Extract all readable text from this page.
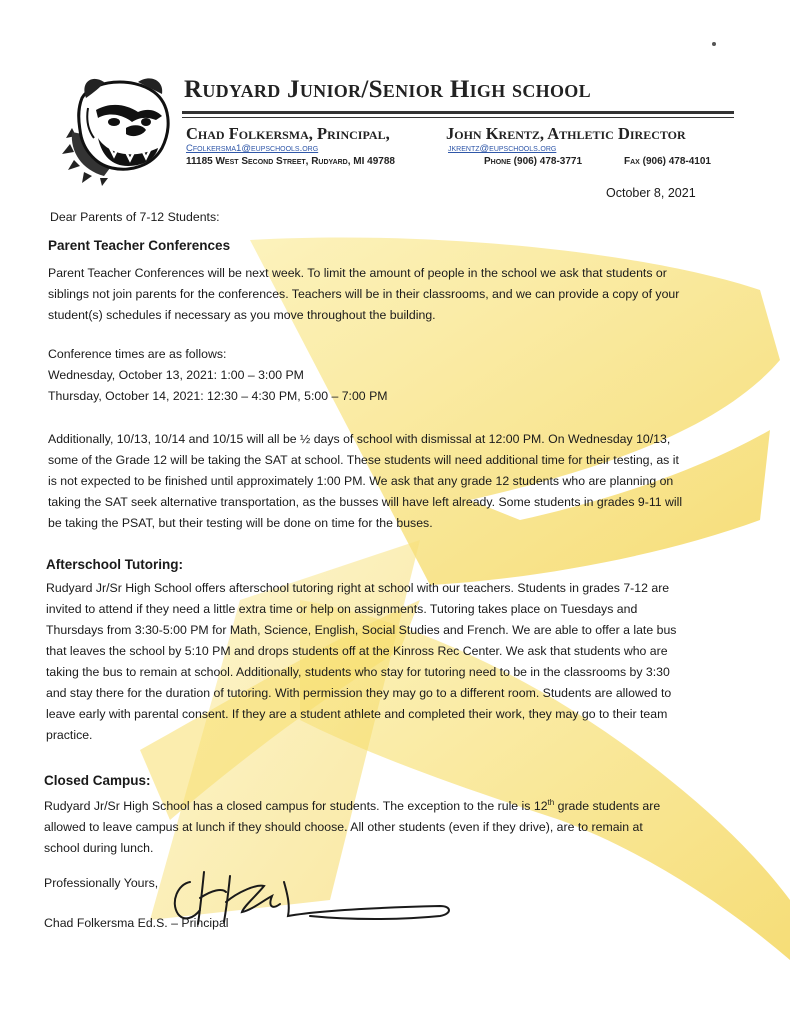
Rudyard Junior/Senior High school
Chad Folkersma, Principal,	John Krentz, Athletic Director
Cfolkersma1@eupschools.org	jkrentz@eupschools.org
11185 West Second Street, Rudyard, MI 49788	Phone (906) 478-3771	Fax (906) 478-4101
October 8, 2021
Dear Parents of 7-12 Students:
Parent Teacher Conferences
Parent Teacher Conferences will be next week. To limit the amount of people in the school we ask that students or
siblings not join parents for the conferences. Teachers will be in their classrooms, and we can provide a copy of your
student(s) schedules if necessary as you move throughout the building.
Conference times are as follows:
Wednesday, October 13, 2021: 1:00 – 3:00 PM
Thursday, October 14, 2021: 12:30 – 4:30 PM, 5:00 – 7:00 PM
Additionally, 10/13, 10/14 and 10/15 will all be ½ days of school with dismissal at 12:00 PM. On Wednesday 10/13,
some of the Grade 12 will be taking the SAT at school. These students will need additional time for their testing, as it
is not expected to be finished until approximately 1:00 PM. We ask that any grade 12 students who are planning on
taking the SAT seek alternative transportation, as the busses will have left already. Some students in grades 9-11 will
be taking the PSAT, but their testing will be done on time for the buses.
Afterschool Tutoring:
Rudyard Jr/Sr High School offers afterschool tutoring right at school with our teachers. Students in grades 7-12 are
invited to attend if they need a little extra time or help on assignments. Tutoring takes place on Tuesdays and
Thursdays from 3:30-5:00 PM for Math, Science, English, Social Studies and French. We are able to offer a late bus
that leaves the school by 5:10 PM and drops students off at the Kinross Rec Center. We ask that students who are
taking the bus to remain at school. Additionally, students who stay for tutoring need to be in the classrooms by 3:30
and stay there for the duration of tutoring. With permission they may go to a different room. Students are allowed to
leave early with parental consent. If they are a student athlete and completed their work, they may go to their team
practice.
Closed Campus:
Rudyard Jr/Sr High School has a closed campus for students. The exception to the rule is 12th grade students are
allowed to leave campus at lunch if they should choose. All other students (even if they drive), are to remain at
school during lunch.
Professionally Yours,
Chad Folkersma Ed.S. – Principal
